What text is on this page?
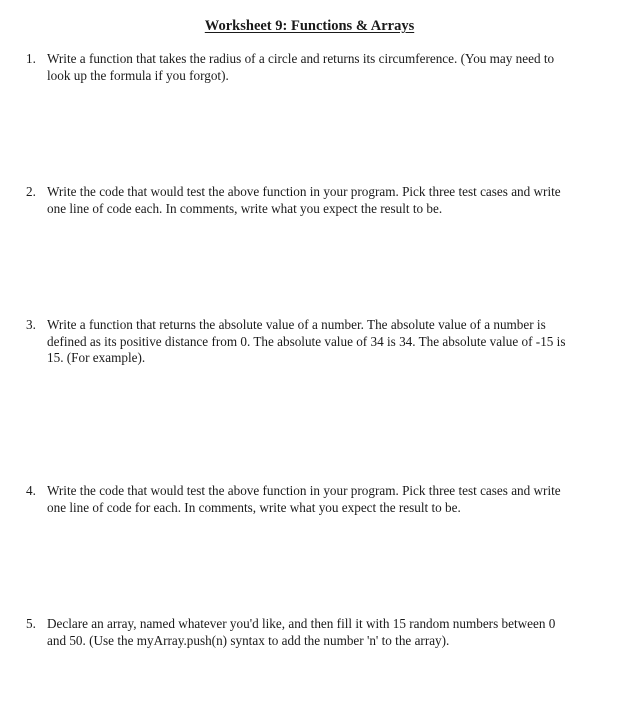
Worksheet 9: Functions & Arrays
1. Write a function that takes the radius of a circle and returns its circumference. (You may need to look up the formula if you forgot).
2. Write the code that would test the above function in your program. Pick three test cases and write one line of code each. In comments, write what you expect the result to be.
3. Write a function that returns the absolute value of a number. The absolute value of a number is defined as its positive distance from 0. The absolute value of 34 is 34. The absolute value of -15 is 15. (For example).
4. Write the code that would test the above function in your program. Pick three test cases and write one line of code for each. In comments, write what you expect the result to be.
5. Declare an array, named whatever you'd like, and then fill it with 15 random numbers between 0 and 50. (Use the myArray.push(n) syntax to add the number 'n' to the array).
